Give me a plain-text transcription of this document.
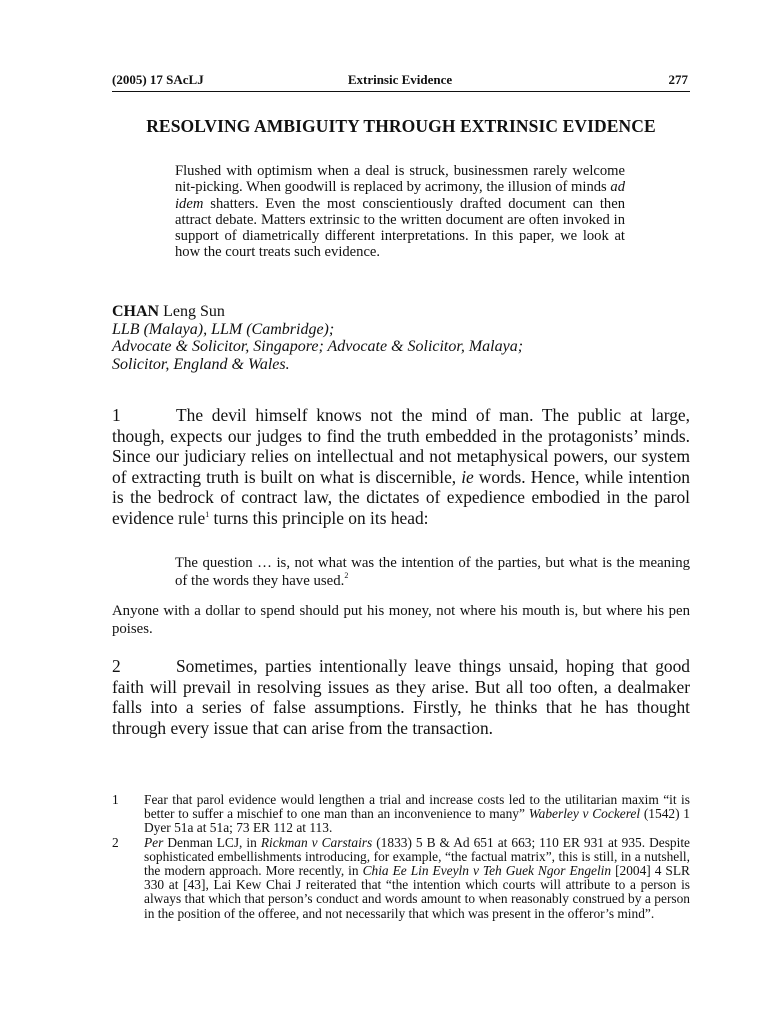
(2005) 17 SAcLJ	Extrinsic Evidence	277
RESOLVING AMBIGUITY THROUGH EXTRINSIC EVIDENCE

Flushed with optimism when a deal is struck, businessmen rarely welcome nit-picking. When goodwill is replaced by acrimony, the illusion of minds ad idem shatters. Even the most conscientiously drafted document can then attract debate. Matters extrinsic to the written document are often invoked in support of diametrically different interpretations. In this paper, we look at how the court treats such evidence.

CHAN Leng Sun
LLB (Malaya), LLM (Cambridge);
Advocate & Solicitor, Singapore; Advocate & Solicitor, Malaya;
Solicitor, England & Wales.

1	The devil himself knows not the mind of man. The public at large, though, expects our judges to find the truth embedded in the protagonists’ minds. Since our judiciary relies on intellectual and not metaphysical powers, our system of extracting truth is built on what is discernible, ie words. Hence, while intention is the bedrock of contract law, the dictates of expedience embodied in the parol evidence rule$^1$ turns this principle on its head:

The question … is, not what was the intention of the parties, but what is the meaning of the words they have used.$^2$

Anyone with a dollar to spend should put his money, not where his mouth is, but where his pen poises.

2	Sometimes, parties intentionally leave things unsaid, hoping that good faith will prevail in resolving issues as they arise. But all too often, a dealmaker falls into a series of false assumptions. Firstly, he thinks that he has thought through every issue that can arise from the transaction.

1 Fear that parol evidence would lengthen a trial and increase costs led to the utilitarian maxim “it is better to suffer a mischief to one man than an inconvenience to many” Waberley v Cockerel (1542) 1 Dyer 51a at 51a; 73 ER 112 at 113.

2 Per Denman LCJ, in Rickman v Carstairs (1833) 5 B & Ad 651 at 663; 110 ER 931 at 935. Despite sophisticated embellishments introducing, for example, “the factual matrix”, this is still, in a nutshell, the modern approach. More recently, in Chia Ee Lin Eveyln v Teh Guek Ngor Engelin [2004] 4 SLR 330 at [43], Lai Kew Chai J reiterated that “the intention which courts will attribute to a person is always that which that person’s conduct and words amount to when reasonably construed by a person in the position of the offeree, and not necessarily that which was present in the offeror’s mind”.
